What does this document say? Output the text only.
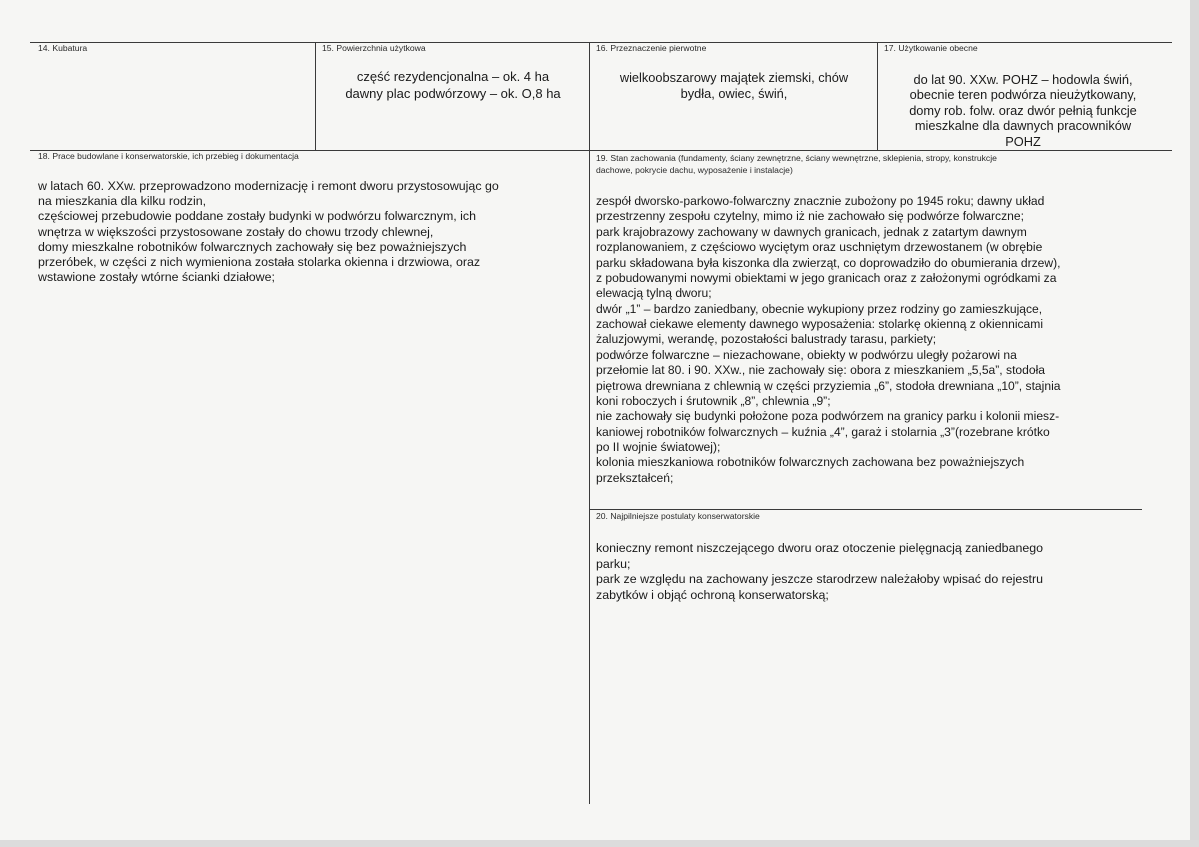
14. Kubatura	15. Powierzchnia użytkowa
część rezydencjonalna – ok. 4 ha
dawny plac podwórzowy – ok. O,8 ha
16. Przeznaczenie pierwotne
wielkoobszarowy majątek ziemski, chów
bydła, owiec, świń,
17. Użytkowanie obecne
do lat 90. XXw. POHZ – hodowla świń,
obecnie teren podwórza nieużytkowany,
domy rob. folw. oraz dwór pełnią funkcje
mieszkalne dla dawnych pracowników
POHZ
18. Prace budowlane i konserwatorskie, ich przebieg i dokumentacja
w latach 60. XXw. przeprowadzono modernizację i remont dworu przystosowując go
na mieszkania dla kilku rodzin,
częściowej przebudowie poddane zostały budynki w podwórzu folwarcznym, ich
wnętrza w większości przystosowane zostały do chowu trzody chlewnej,
domy mieszkalne robotników folwarcznych zachowały się bez poważniejszych
przeróbek, w części z nich wymieniona została stolarka okienna i drzwiowa, oraz
wstawione zostały wtórne ścianki działowe;
19. Stan zachowania (fundamenty, ściany zewnętrzne, ściany wewnętrzne, sklepienia, stropy, konstrukcje
dachowe, pokrycie dachu, wyposażenie i instalacje)
zespół dworsko-parkowo-folwarczny znacznie zubożony po 1945 roku; dawny układ
przestrzenny zespołu czytelny, mimo iż nie zachowało się podwórze folwarczne;
park krajobrazowy zachowany w dawnych granicach, jednak z zatartym dawnym
rozplanowaniem, z częściowo wyciętym oraz uschniętym drzewostanem (w obrębie
parku składowana była kiszonka dla zwierząt, co doprowadziło do obumierania drzew),
z pobudowanymi nowymi obiektami w jego granicach oraz z założonymi ogródkami za
elewacją tylną dworu;
dwór „1” – bardzo zaniedbany, obecnie wykupiony przez rodziny go zamieszkujące,
zachował ciekawe elementy dawnego wyposażenia: stolarkę okienną z okiennicami
żaluzjowymi, werandę, pozostałości balustrady tarasu, parkiety;
podwórze folwarczne – niezachowane, obiekty w podwórzu uległy pożarowi na
przełomie lat 80. i 90. XXw., nie zachowały się: obora z mieszkaniem „5,5a”, stodoła
piętrowa drewniana z chlewnią w części przyziemia „6”, stodoła drewniana „10”, stajnia
koni roboczych i śrutownik „8”, chlewnia „9”;
nie zachowały się budynki położone poza podwórzem na granicy parku i kolonii miesz-
kaniowej robotników folwarcznych – kuźnia „4”, garaż i stolarnia „3”(rozebrane krótko
po II wojnie światowej);
kolonia mieszkaniowa robotników folwarcznych zachowana bez poważniejszych
przekształceń;
20. Najpilniejsze postulaty konserwatorskie
konieczny remont niszczejącego dworu oraz otoczenie pielęgnacją zaniedbanego
parku;
park ze względu na zachowany jeszcze starodrzew należałoby wpisać do rejestru
zabytków i objąć ochroną konserwatorską;
